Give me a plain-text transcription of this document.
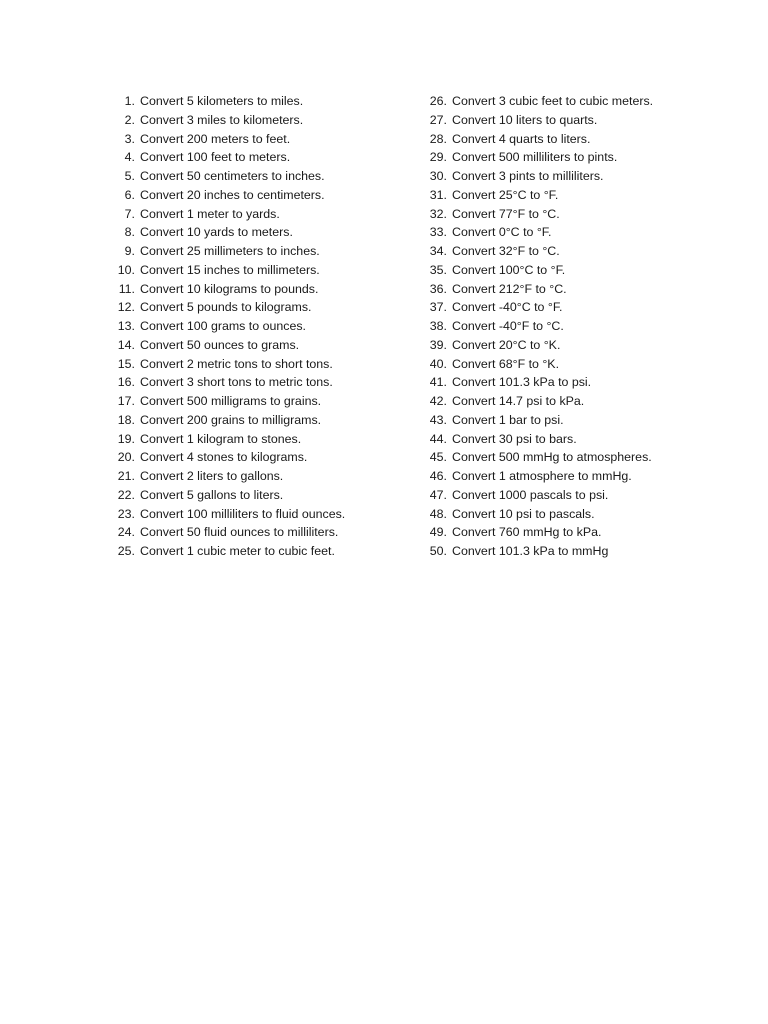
1. Convert 5 kilometers to miles.
2. Convert 3 miles to kilometers.
3. Convert 200 meters to feet.
4. Convert 100 feet to meters.
5. Convert 50 centimeters to inches.
6. Convert 20 inches to centimeters.
7. Convert 1 meter to yards.
8. Convert 10 yards to meters.
9. Convert 25 millimeters to inches.
10. Convert 15 inches to millimeters.
11. Convert 10 kilograms to pounds.
12. Convert 5 pounds to kilograms.
13. Convert 100 grams to ounces.
14. Convert 50 ounces to grams.
15. Convert 2 metric tons to short tons.
16. Convert 3 short tons to metric tons.
17. Convert 500 milligrams to grains.
18. Convert 200 grains to milligrams.
19. Convert 1 kilogram to stones.
20. Convert 4 stones to kilograms.
21. Convert 2 liters to gallons.
22. Convert 5 gallons to liters.
23. Convert 100 milliliters to fluid ounces.
24. Convert 50 fluid ounces to milliliters.
25. Convert 1 cubic meter to cubic feet.
26. Convert 3 cubic feet to cubic meters.
27. Convert 10 liters to quarts.
28. Convert 4 quarts to liters.
29. Convert 500 milliliters to pints.
30. Convert 3 pints to milliliters.
31. Convert 25°C to °F.
32. Convert 77°F to °C.
33. Convert 0°C to °F.
34. Convert 32°F to °C.
35. Convert 100°C to °F.
36. Convert 212°F to °C.
37. Convert -40°C to °F.
38. Convert -40°F to °C.
39. Convert 20°C to °K.
40. Convert 68°F to °K.
41. Convert 101.3 kPa to psi.
42. Convert 14.7 psi to kPa.
43. Convert 1 bar to psi.
44. Convert 30 psi to bars.
45. Convert 500 mmHg to atmospheres.
46. Convert 1 atmosphere to mmHg.
47. Convert 1000 pascals to psi.
48. Convert 10 psi to pascals.
49. Convert 760 mmHg to kPa.
50. Convert 101.3 kPa to mmHg
